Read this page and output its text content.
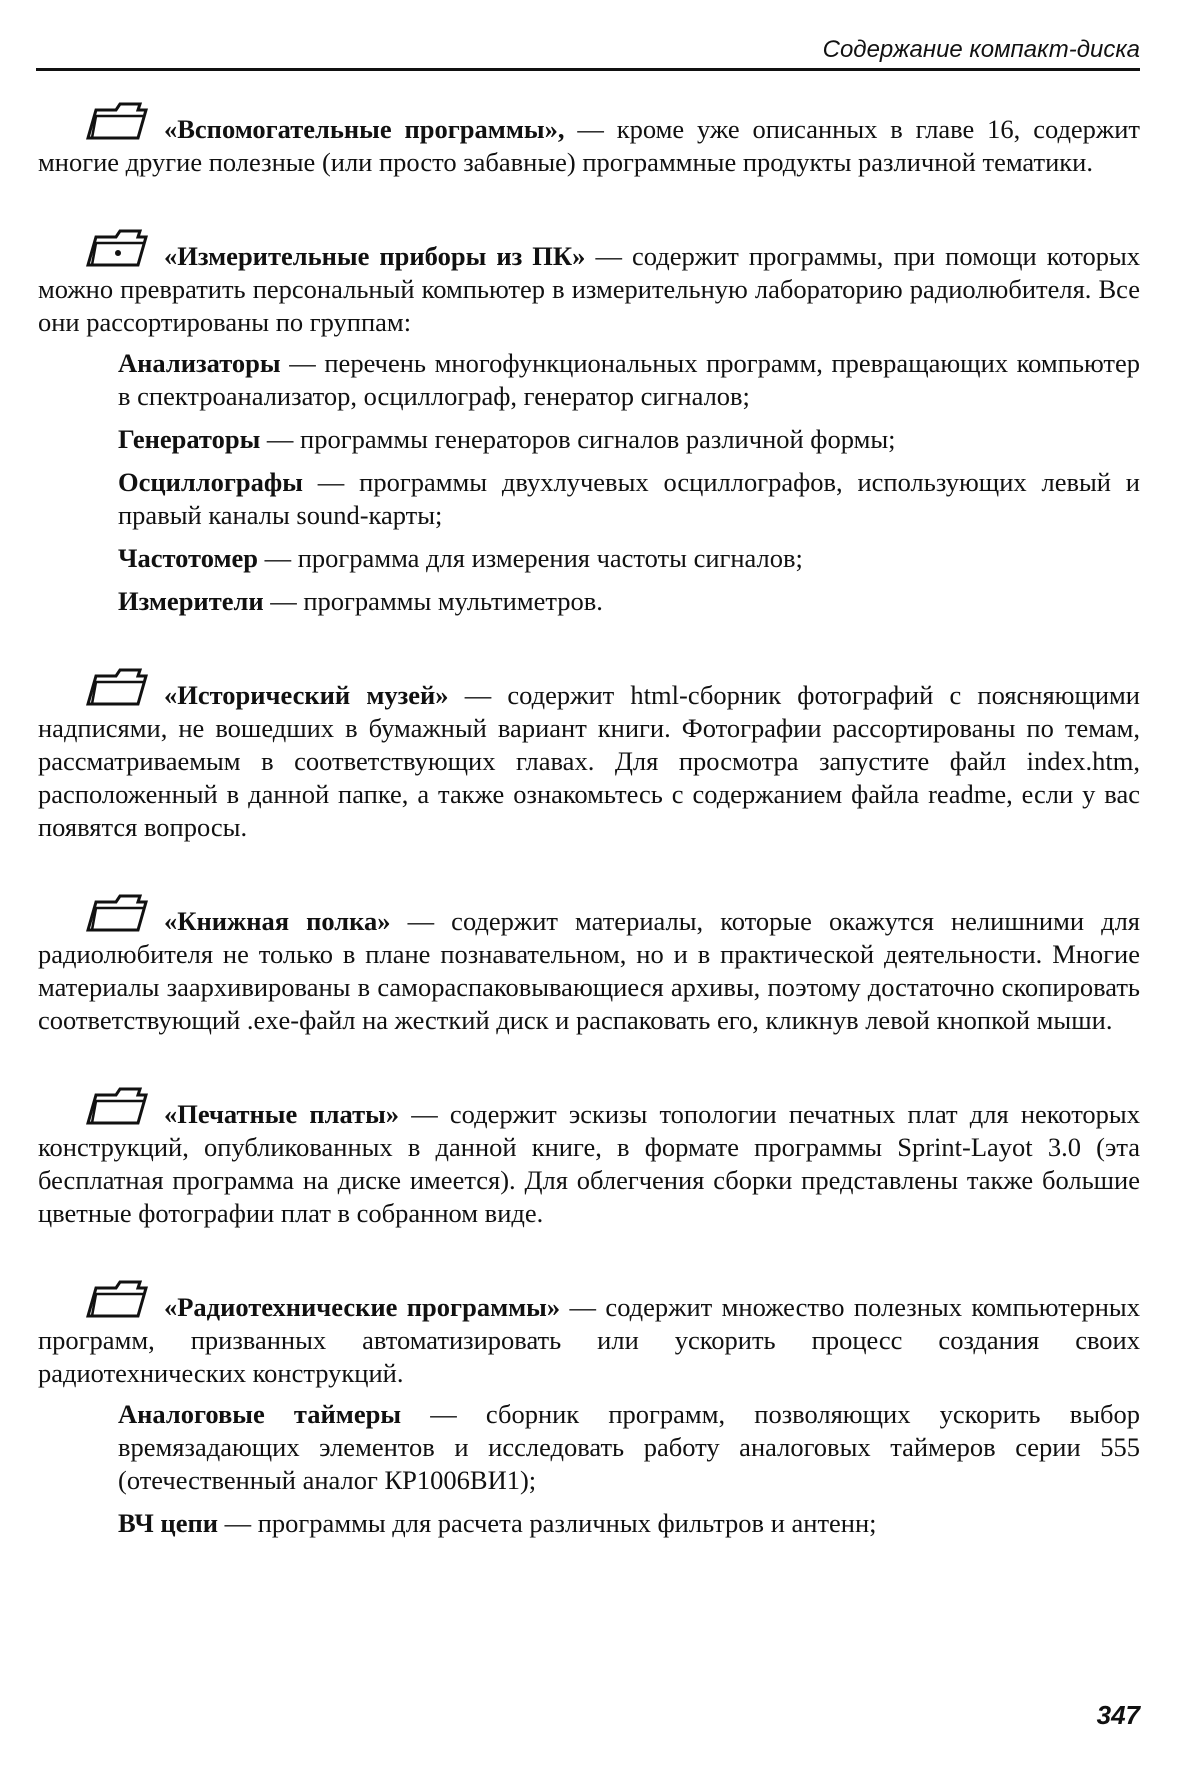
Содержание компакт-диска

«Вспомогательные программы», — кроме уже описанных в главе 16, содержит многие другие полезные (или просто забавные) программные продукты различной тематики.

«Измерительные приборы из ПК» — содержит программы, при помощи которых можно превратить персональный компьютер в измерительную лабораторию радиолюбителя. Все они рассортированы по группам:

Анализаторы — перечень многофункциональных программ, превращающих компьютер в спектроанализатор, осциллограф, генератор сигналов;

Генераторы — программы генераторов сигналов различной формы;

Осциллографы — программы двухлучевых осциллографов, использующих левый и правый каналы sound-карты;

Частотомер — программа для измерения частоты сигналов;

Измерители — программы мультиметров.

«Исторический музей» — содержит html-сборник фотографий с поясняющими надписями, не вошедших в бумажный вариант книги. Фотографии рассортированы по темам, рассматриваемым в соответствующих главах. Для просмотра запустите файл index.htm, расположенный в данной папке, а также ознакомьтесь с содержанием файла readme, если у вас появятся вопросы.

«Книжная полка» — содержит материалы, которые окажутся нелишними для радиолюбителя не только в плане познавательном, но и в практической деятельности. Многие материалы заархивированы в самораспаковывающиеся архивы, поэтому достаточно скопировать соответствующий .exe-файл на жесткий диск и распаковать его, кликнув левой кнопкой мыши.

«Печатные платы» — содержит эскизы топологии печатных плат для некоторых конструкций, опубликованных в данной книге, в формате программы Sprint-Layot 3.0 (эта бесплатная программа на диске имеется). Для облегчения сборки представлены также большие цветные фотографии плат в собранном виде.

«Радиотехнические программы» — содержит множество полезных компьютерных программ, призванных автоматизировать или ускорить процесс создания своих радиотехнических конструкций.

Аналоговые таймеры — сборник программ, позволяющих ускорить выбор времязадающих элементов и исследовать работу аналоговых таймеров серии 555 (отечественный аналог КР1006ВИ1);

ВЧ цепи — программы для расчета различных фильтров и антенн;

347
